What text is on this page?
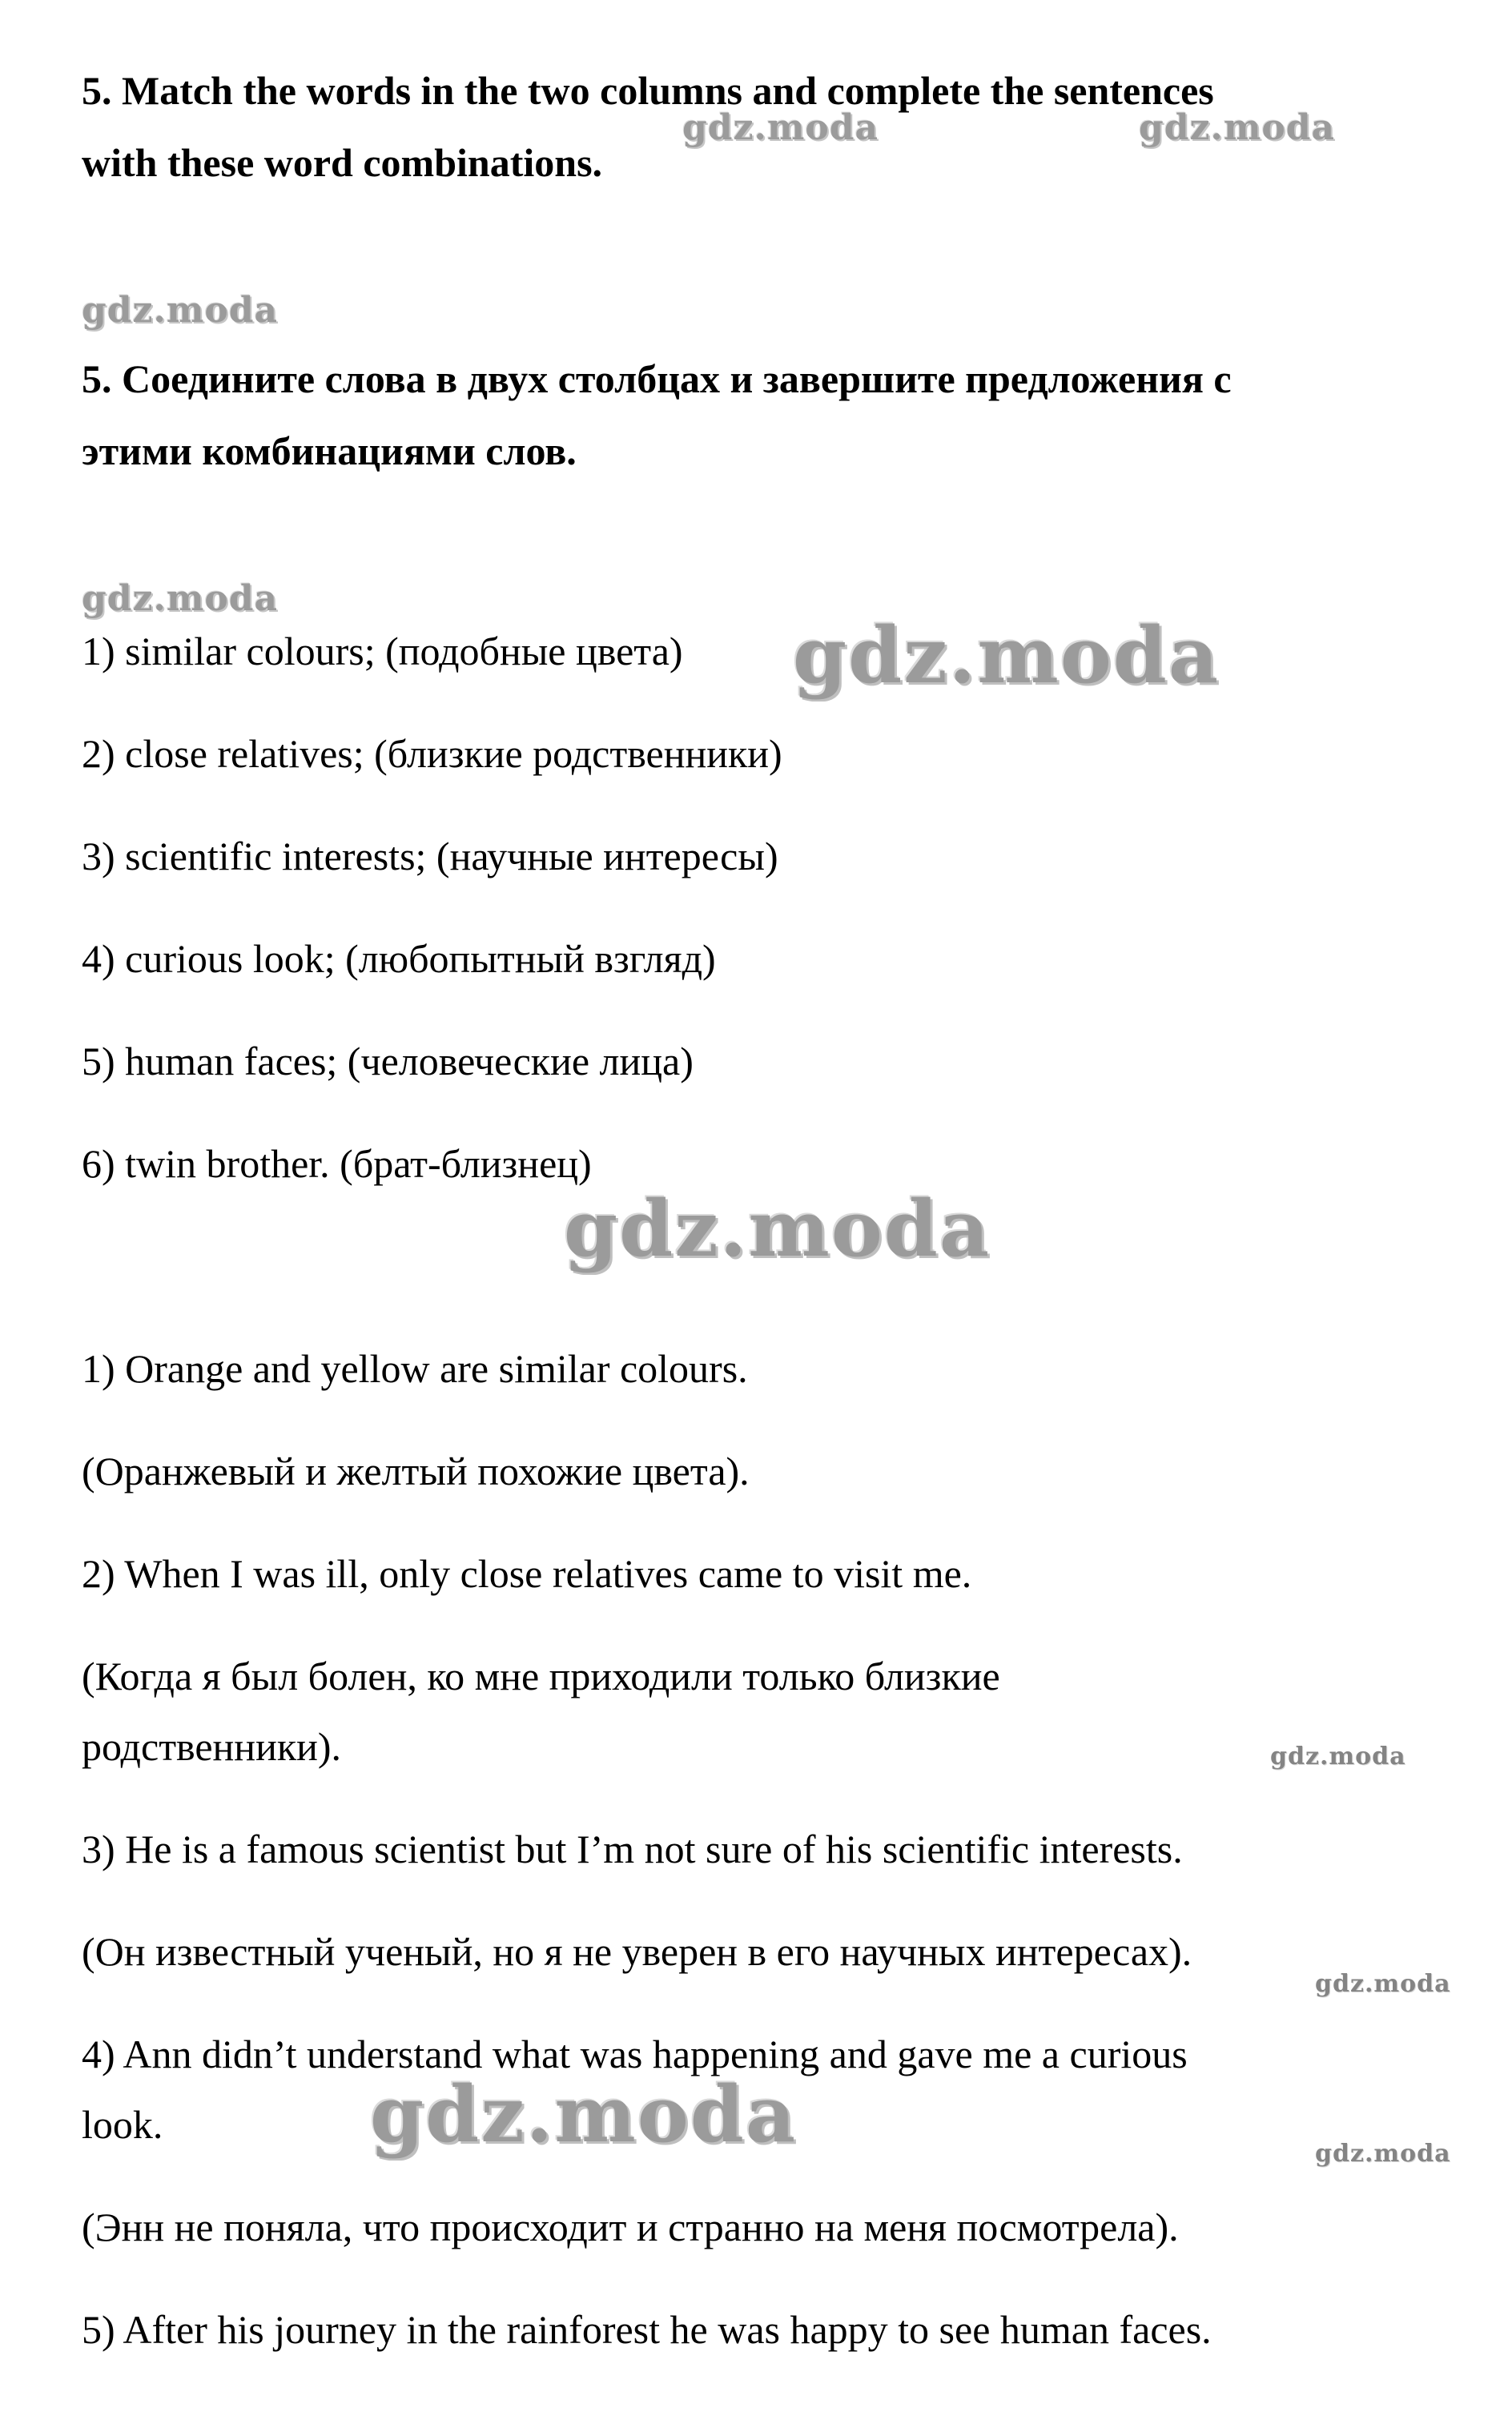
5. Match the words in the two columns and complete the sentences

with these word combinations.

5. Соедините слова в двух столбцах и завершите предложения с

этими комбинациями слов.

1) similar colours; (подобные цвета)

2) close relatives; (близкие родственники)

3) scientific interests; (научные интересы)

4) curious look; (любопытный взгляд)

5) human faces; (человеческие лица)

6) twin brother. (брат-близнец)

1) Orange and yellow are similar colours.

(Оранжевый и желтый похожие цвета).

2) When I was ill, only close relatives came to visit me.

(Когда я был болен, ко мне приходили только близкие

родственники).

3) He is a famous scientist but I’m not sure of his scientific interests.

(Он известный ученый, но я не уверен в его научных интересах).

4) Ann didn’t understand what was happening and gave me a curious

look.

(Энн не поняла, что происходит и странно на меня посмотрела).

5) After his journey in the rainforest he was happy to see human faces.

gdz.moda	gdz.moda
gdz.moda
gdz.moda
gdz.moda
gdz.moda
gdz.moda
gdz.moda
gdz.moda	gdz.moda
